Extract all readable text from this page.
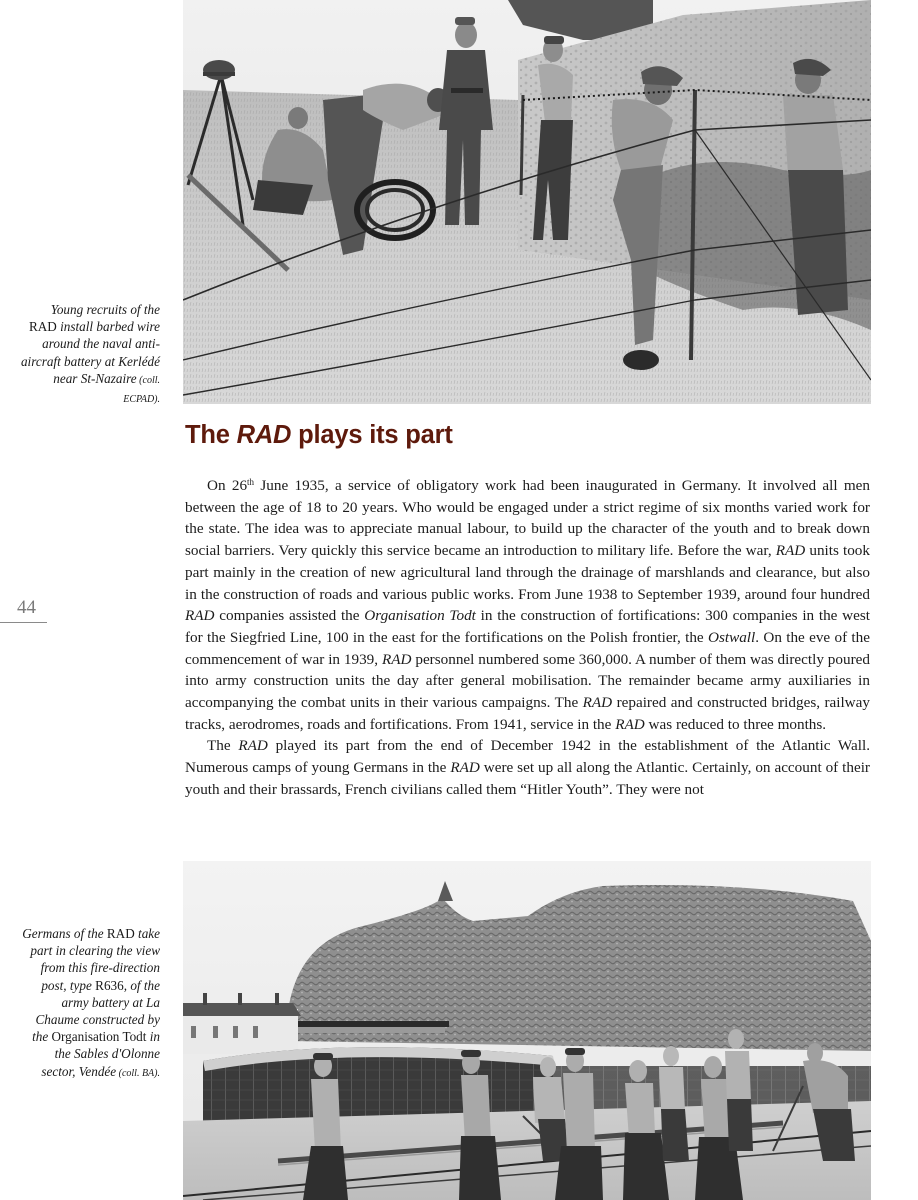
Young recruits of the RAD install barbed wire around the naval anti-aircraft battery at Kerlédé near St-Nazaire (coll. ECPAD).
44
The RAD plays its part

On 26th June 1935, a service of obligatory work had been inaugurated in Germany. It involved all men between the age of 18 to 20 years. Who would be engaged under a strict regime of six months varied work for the state. The idea was to appreciate manual labour, to build up the character of the youth and to break down social barriers. Very quickly this service became an introduction to military life. Before the war, RAD units took part mainly in the creation of new agricultural land through the drainage of marshlands and clearance, but also in the construction of roads and various public works. From June 1938 to September 1939, around four hundred RAD companies assisted the Organisation Todt in the construction of fortifications: 300 companies in the west for the Siegfried Line, 100 in the east for the fortifications on the Polish frontier, the Ostwall. On the eve of the commencement of war in 1939, RAD personnel numbered some 360,000. A number of them was directly poured into army construction units the day after general mobilisation. The remainder became army auxiliaries in accompanying the combat units in their various campaigns. The RAD repaired and constructed bridges, railway tracks, aerodromes, roads and fortifications. From 1941, service in the RAD was reduced to three months.

The RAD played its part from the end of December 1942 in the establishment of the Atlantic Wall. Numerous camps of young Germans in the RAD were set up all along the Atlantic. Certainly, on account of their youth and their brassards, French civilians called them “Hitler Youth”. They were not

Germans of the RAD take part in clearing the view from this fire-direction post, type R636, of the army battery at La Chaume constructed by the Organisation Todt in the Sables d'Olonne sector, Vendée (coll. BA).
